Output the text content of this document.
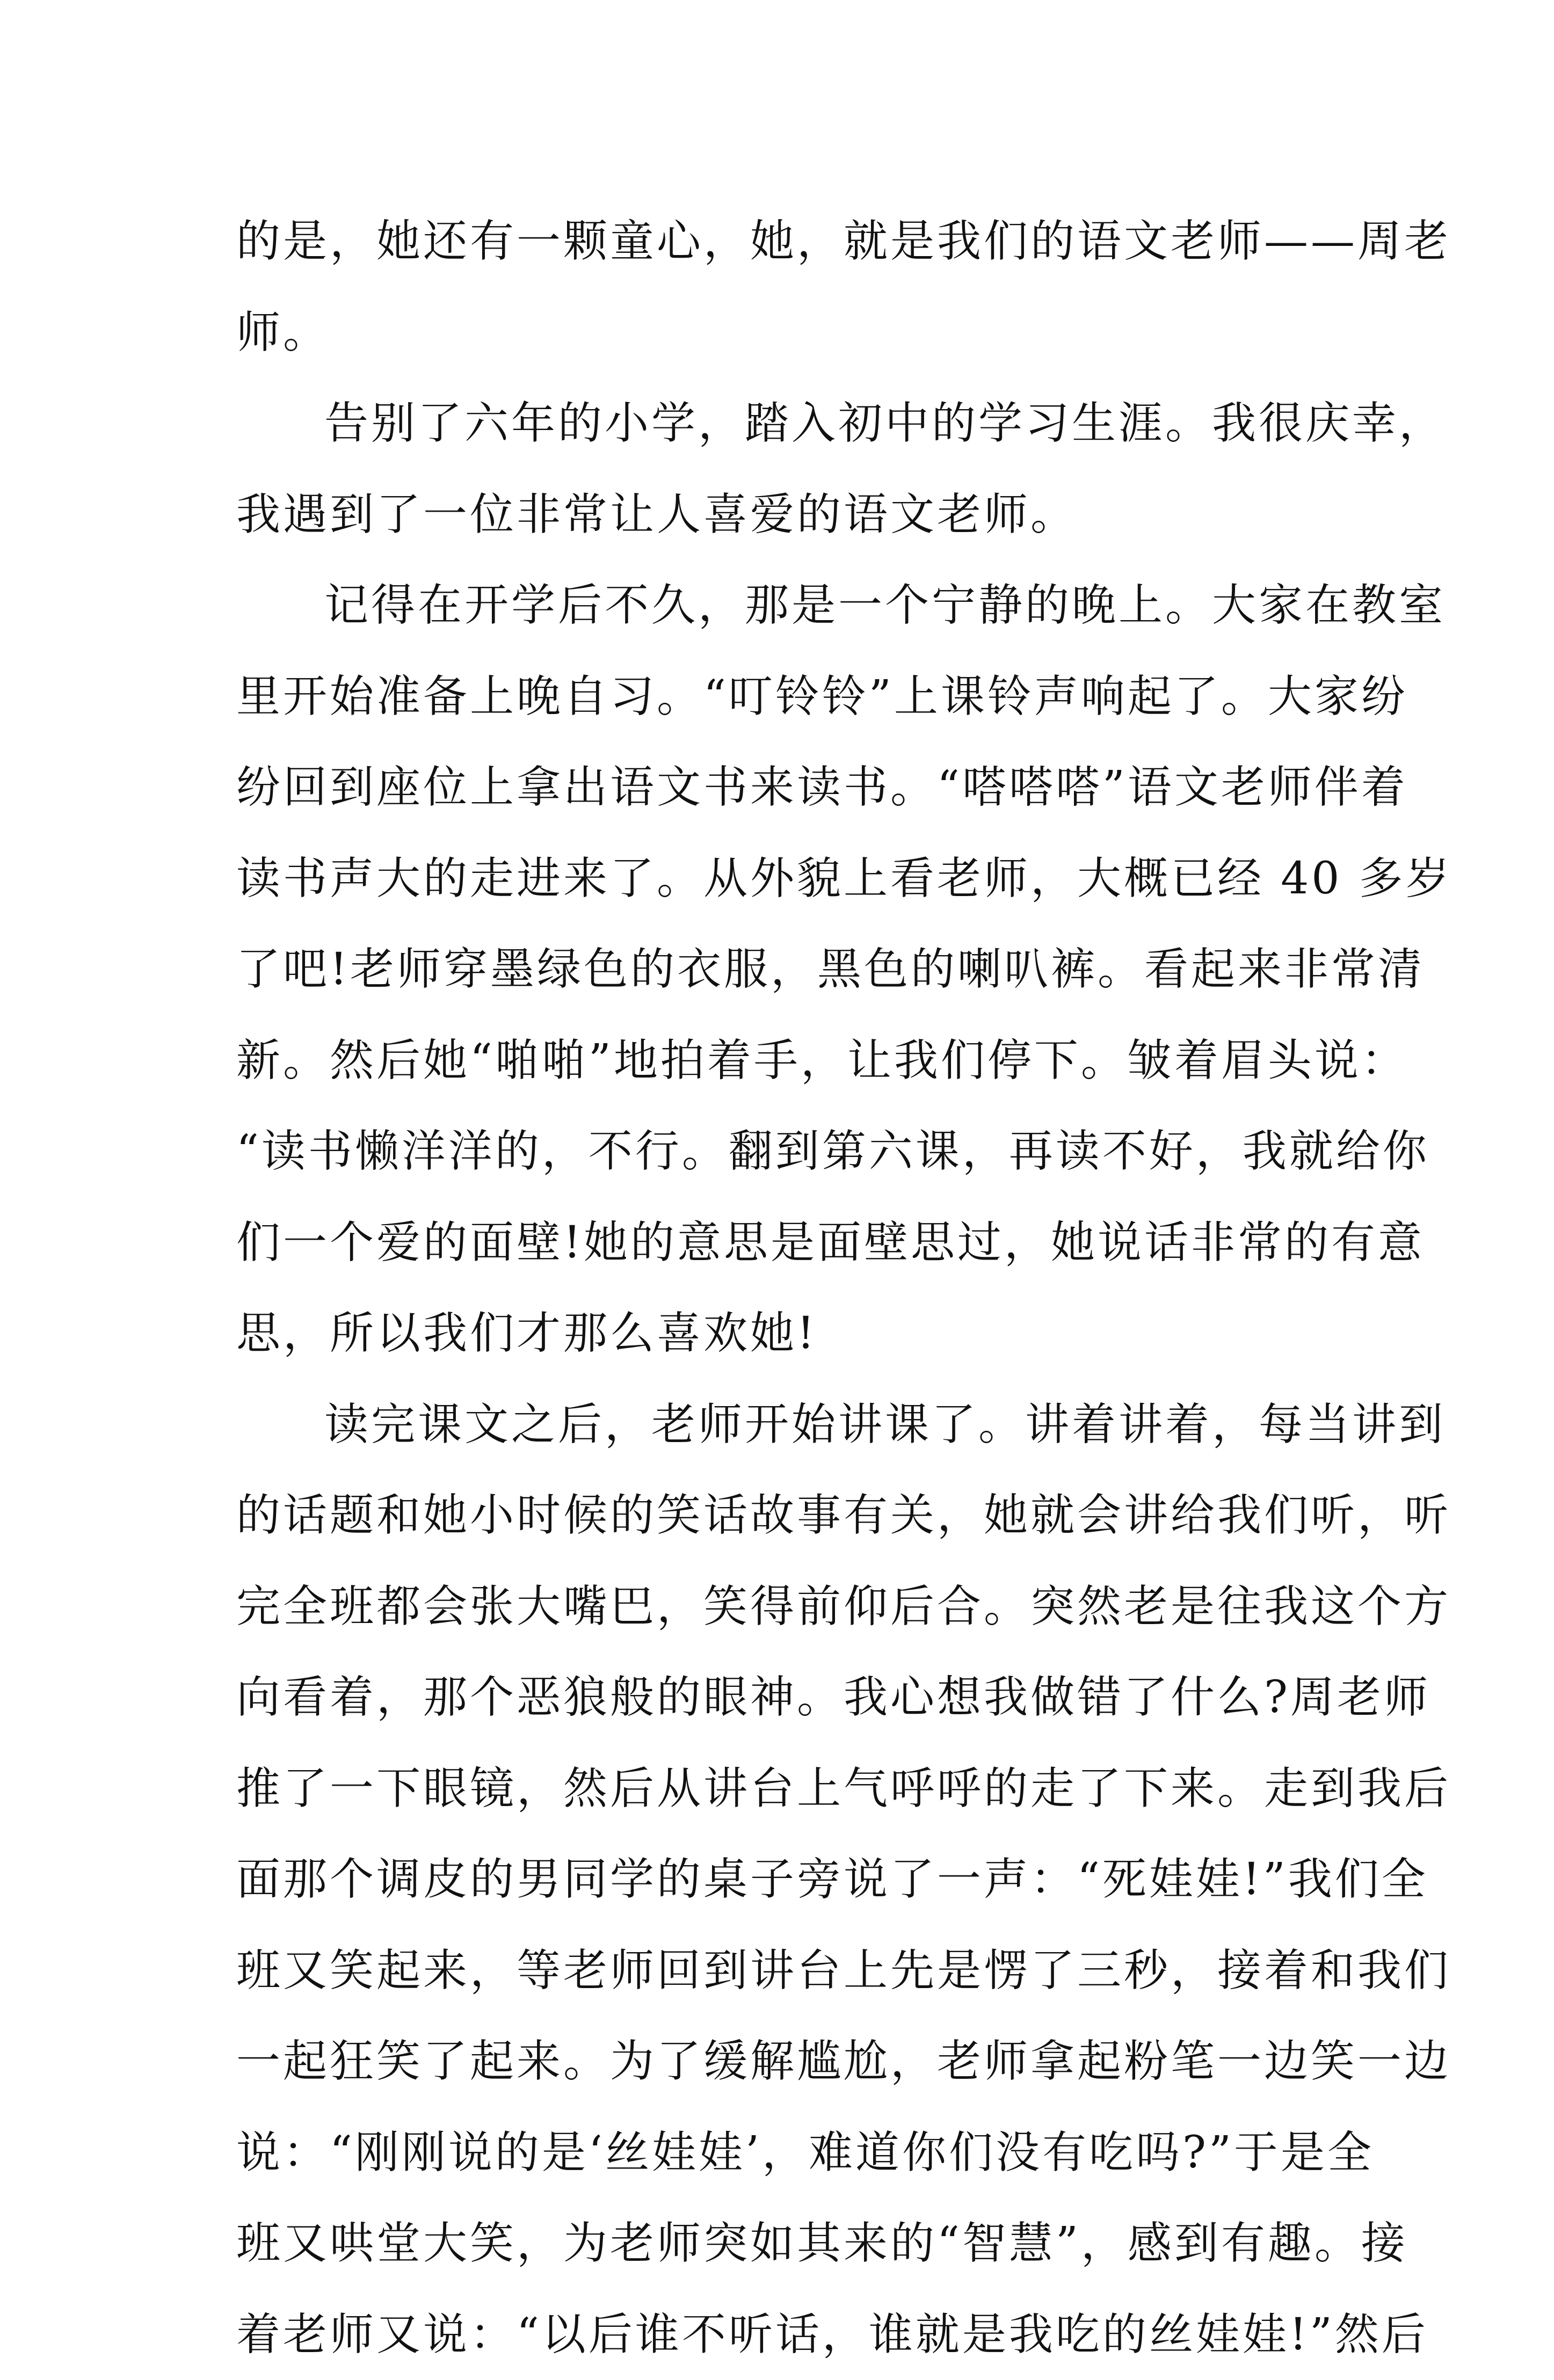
的是，她还有一颗童心，她，就是我们的语文老师——周老
师。
告别了六年的小学，踏入初中的学习生涯。我很庆幸，
我遇到了一位非常让人喜爱的语文老师。
记得在开学后不久，那是一个宁静的晚上。大家在教室
里开始准备上晚自习。“叮铃铃”上课铃声响起了。大家纷
纷回到座位上拿出语文书来读书。“嗒嗒嗒”语文老师伴着
读书声大的走进来了。从外貌上看老师，大概已经 40 多岁
了吧!老师穿墨绿色的衣服，黑色的喇叭裤。看起来非常清
新。然后她“啪啪”地拍着手，让我们停下。皱着眉头说：
“读书懒洋洋的，不行。翻到第六课，再读不好，我就给你
们一个爱的面壁!她的意思是面壁思过，她说话非常的有意
思，所以我们才那么喜欢她!
读完课文之后，老师开始讲课了。讲着讲着，每当讲到
的话题和她小时候的笑话故事有关，她就会讲给我们听，听
完全班都会张大嘴巴，笑得前仰后合。突然老是往我这个方
向看着，那个恶狼般的眼神。我心想我做错了什么?周老师
推了一下眼镜，然后从讲台上气呼呼的走了下来。走到我后
面那个调皮的男同学的桌子旁说了一声：“死娃娃!”我们全
班又笑起来，等老师回到讲台上先是愣了三秒，接着和我们
一起狂笑了起来。为了缓解尴尬，老师拿起粉笔一边笑一边
说：“刚刚说的是‘丝娃娃’，难道你们没有吃吗?”于是全
班又哄堂大笑，为老师突如其来的“智慧”，感到有趣。接
着老师又说：“以后谁不听话，谁就是我吃的丝娃娃!”然后
